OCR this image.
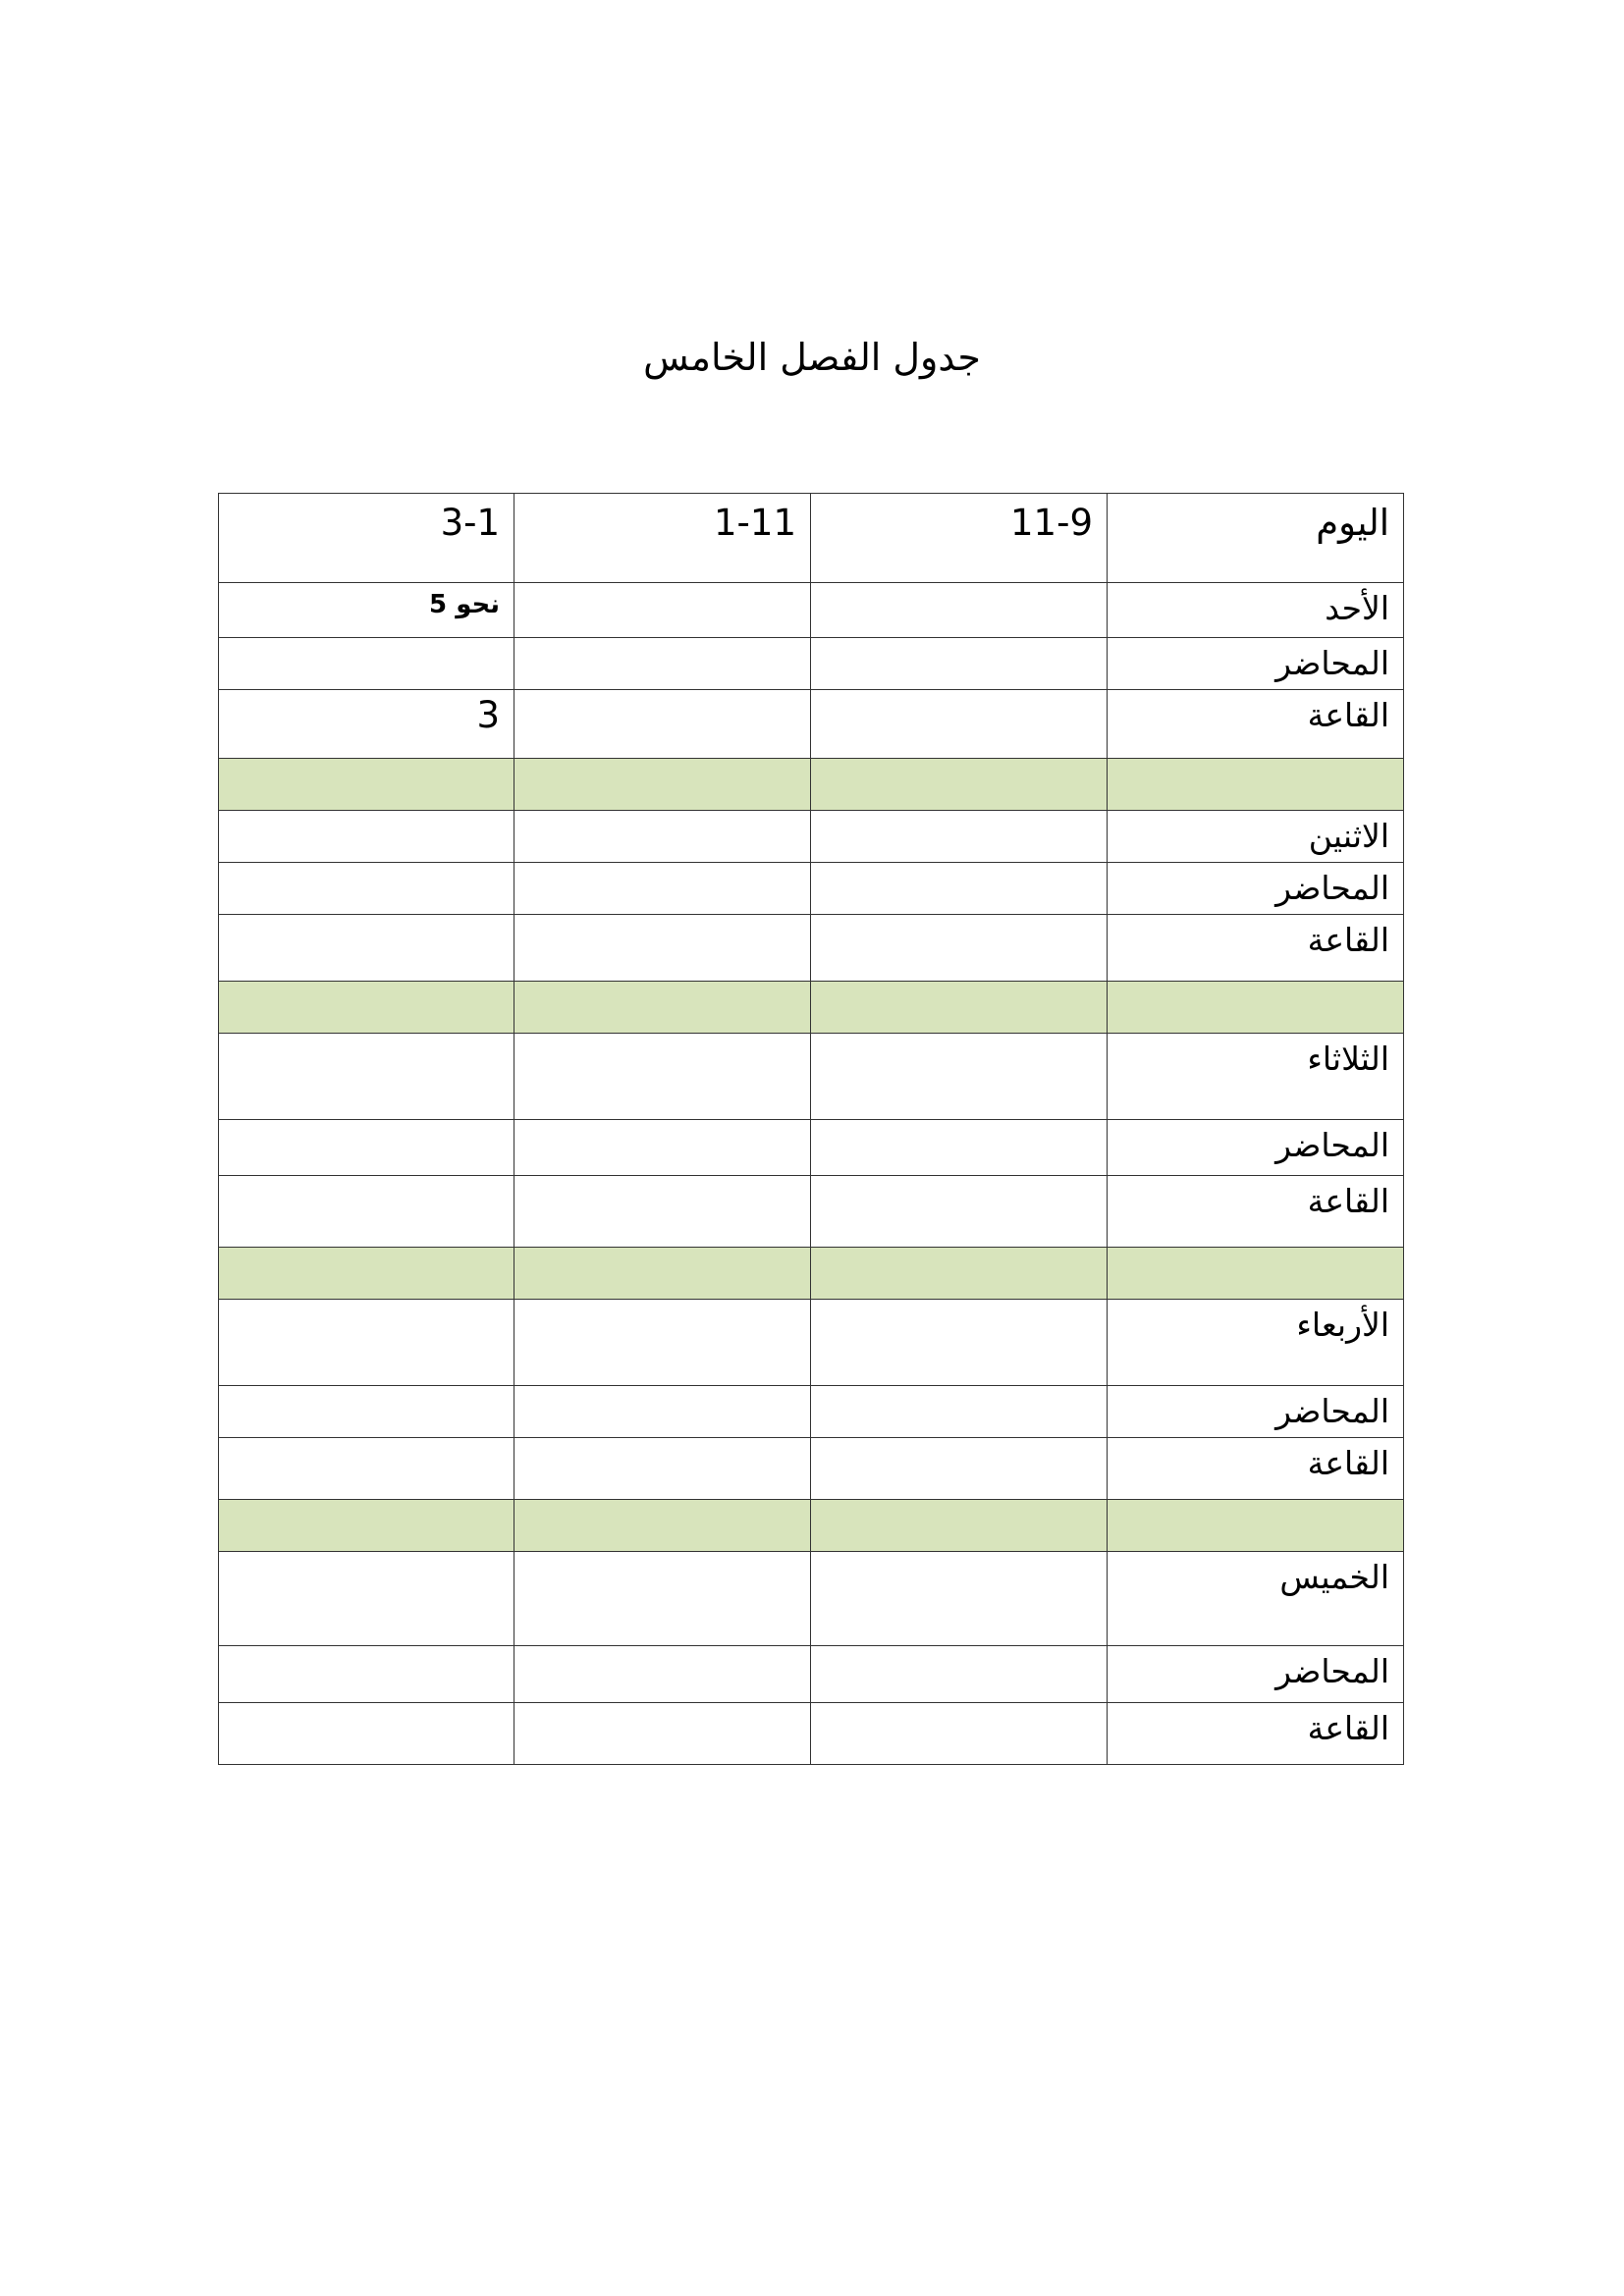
جدول الفصل الخامس
اليوم	11-9	1-11	3-1
الأحد			نحو 5
المحاضر			
القاعة			3

الاثنين			
المحاضر			
القاعة			

الثلاثاء			
المحاضر			
القاعة			

الأربعاء			
المحاضر			
القاعة			

الخميس			
المحاضر			
القاعة			
